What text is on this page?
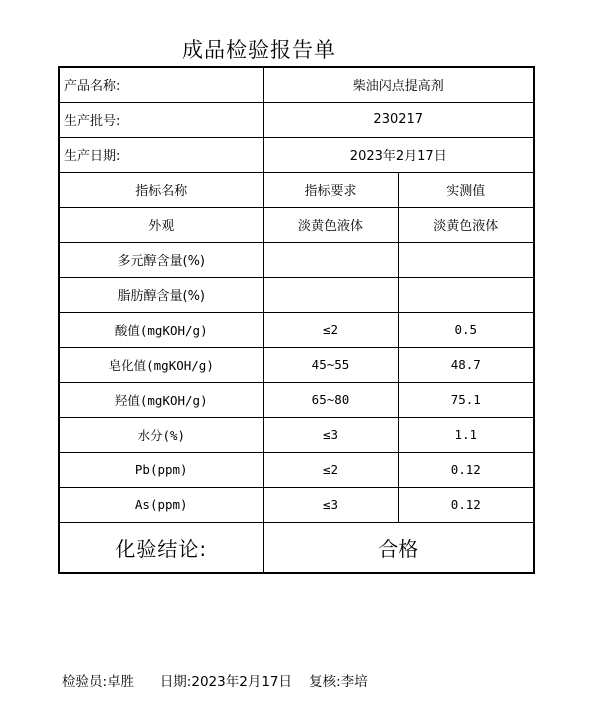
成品检验报告单
产品名称:	柴油闪点提高剂	
生产批号:	230217	
生产日期:	2023年2月17日	
指标名称	指标要求	实测值
外观	淡黄色液体	淡黄色液体
多元醇含量(%)		
脂肪醇含量(%)		
酸值(mgKOH/g)	≤2	0.5
皂化值(mgKOH/g)	45~55	48.7
羟值(mgKOH/g)	65~80	75.1
水分(%)	≤3	1.1
Pb(ppm)	≤2	0.12
As(ppm)	≤3	0.12
化验结论:	合格	
检验员:卓胜 日期:2023年2月17日 复核:李培
